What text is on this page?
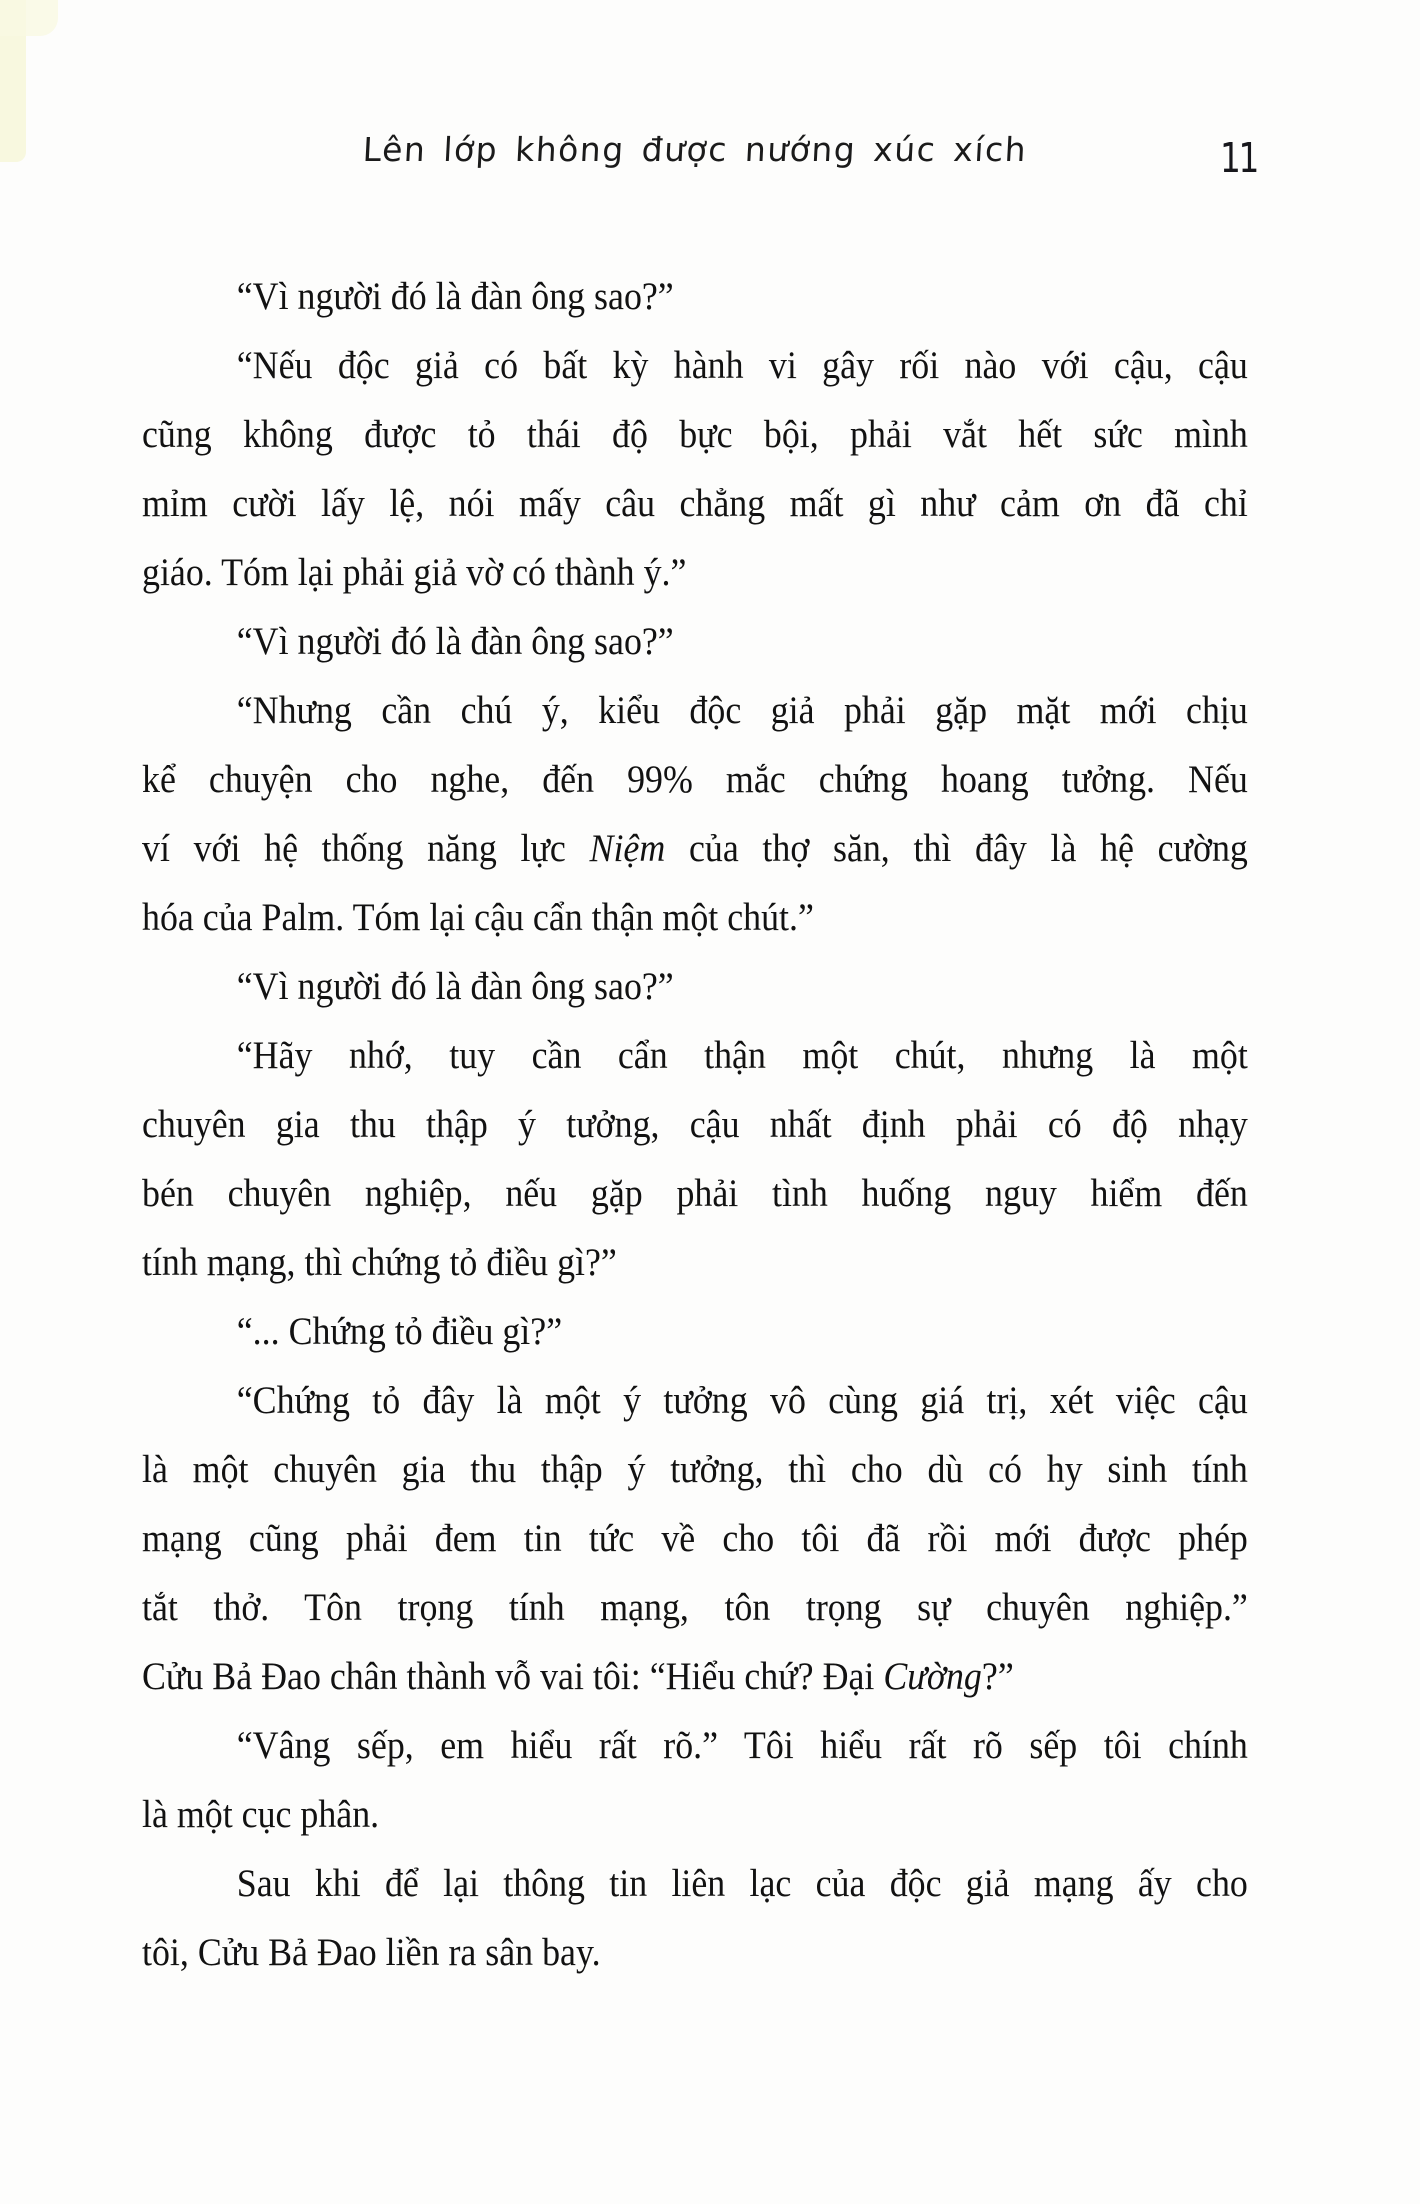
Lên lớp không được nướng xúc xích	11
“Vì người đó là đàn ông sao?”
“Nếu độc giả có bất kỳ hành vi gây rối nào với cậu, cậu
cũng không được tỏ thái độ bực bội, phải vắt hết sức mình
mỉm cười lấy lệ, nói mấy câu chẳng mất gì như cảm ơn đã chỉ
giáo. Tóm lại phải giả vờ có thành ý.”
“Vì người đó là đàn ông sao?”
“Nhưng cần chú ý, kiểu độc giả phải gặp mặt mới chịu
kể chuyện cho nghe, đến 99% mắc chứng hoang tưởng. Nếu
ví với hệ thống năng lực Niệm của thợ săn, thì đây là hệ cường
hóa của Palm. Tóm lại cậu cẩn thận một chút.”
“Vì người đó là đàn ông sao?”
“Hãy nhớ, tuy cần cẩn thận một chút, nhưng là một
chuyên gia thu thập ý tưởng, cậu nhất định phải có độ nhạy
bén chuyên nghiệp, nếu gặp phải tình huống nguy hiểm đến
tính mạng, thì chứng tỏ điều gì?”
“... Chứng tỏ điều gì?”
“Chứng tỏ đây là một ý tưởng vô cùng giá trị, xét việc cậu
là một chuyên gia thu thập ý tưởng, thì cho dù có hy sinh tính
mạng cũng phải đem tin tức về cho tôi đã rồi mới được phép
tắt thở. Tôn trọng tính mạng, tôn trọng sự chuyên nghiệp.”
Cửu Bả Đao chân thành vỗ vai tôi: “Hiểu chứ? Đại Cường?”
“Vâng sếp, em hiểu rất rõ.” Tôi hiểu rất rõ sếp tôi chính
là một cục phân.
Sau khi để lại thông tin liên lạc của độc giả mạng ấy cho
tôi, Cửu Bả Đao liền ra sân bay.
